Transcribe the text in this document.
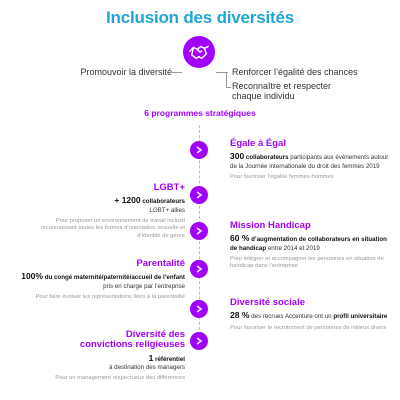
Inclusion des diversités
Promouvoir la diversité	Renforcer l’égalité des chances
Reconnaître et respecter chaque individu
6 programmes stratégiques
Égale à Égal
300 collaborateurs participants aux événements autour de la Journée internationale du droit des femmes 2019
Pour favoriser l’égalité femmes-hommes
LGBT+
+ 1200 collaborateurs
LGBT+ allies
Pour proposer un environnement de travail inclusif reconnaissant toutes les formes d’orientation sexuelle et d’identité de genre
Mission Handicap
60 % d’augmentation de collaborateurs en situation de handicap entre 2014 et 2019
Pour intégrer et accompagner les personnes en situation de handicap dans l’entreprise
Parentalité
100% du congé maternité/paternité/accueil de l’enfant pris en charge par l’entreprise
Pour faire évoluer les représentations liées à la parentalité
Diversité sociale
28 % des recrues Accenture ont un profil universitaire
Pour favoriser le recrutement de personnes de milieux divers
Diversité des convictions religieuses
1 référentiel
à destination des managers
Pour un management respectueux des différences
